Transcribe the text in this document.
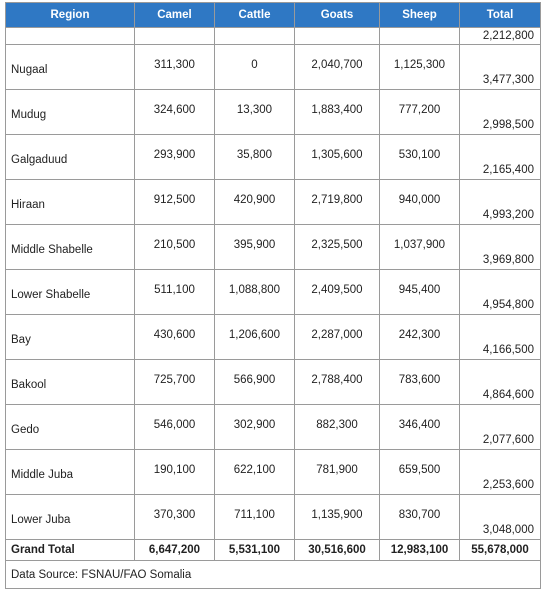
Region	Camel	Cattle	Goats	Sheep	Total
					2,212,800

Nugaal	311,300	0	2,040,700	1,125,300	3,477,300

Mudug	324,600	13,300	1,883,400	777,200	2,998,500

Galgaduud	293,900	35,800	1,305,600	530,100	2,165,400

Hiraan	912,500	420,900	2,719,800	940,000	4,993,200

Middle Shabelle	210,500	395,900	2,325,500	1,037,900	3,969,800

Lower Shabelle	511,100	1,088,800	2,409,500	945,400	4,954,800

Bay	430,600	1,206,600	2,287,000	242,300	4,166,500

Bakool	725,700	566,900	2,788,400	783,600	4,864,600

Gedo	546,000	302,900	882,300	346,400	2,077,600

Middle Juba	190,100	622,100	781,900	659,500	2,253,600

Lower Juba	370,300	711,100	1,135,900	830,700	3,048,000
Grand Total	6,647,200	5,531,100	30,516,600	12,983,100	55,678,000
Data Source: FSNAU/FAO Somalia					
